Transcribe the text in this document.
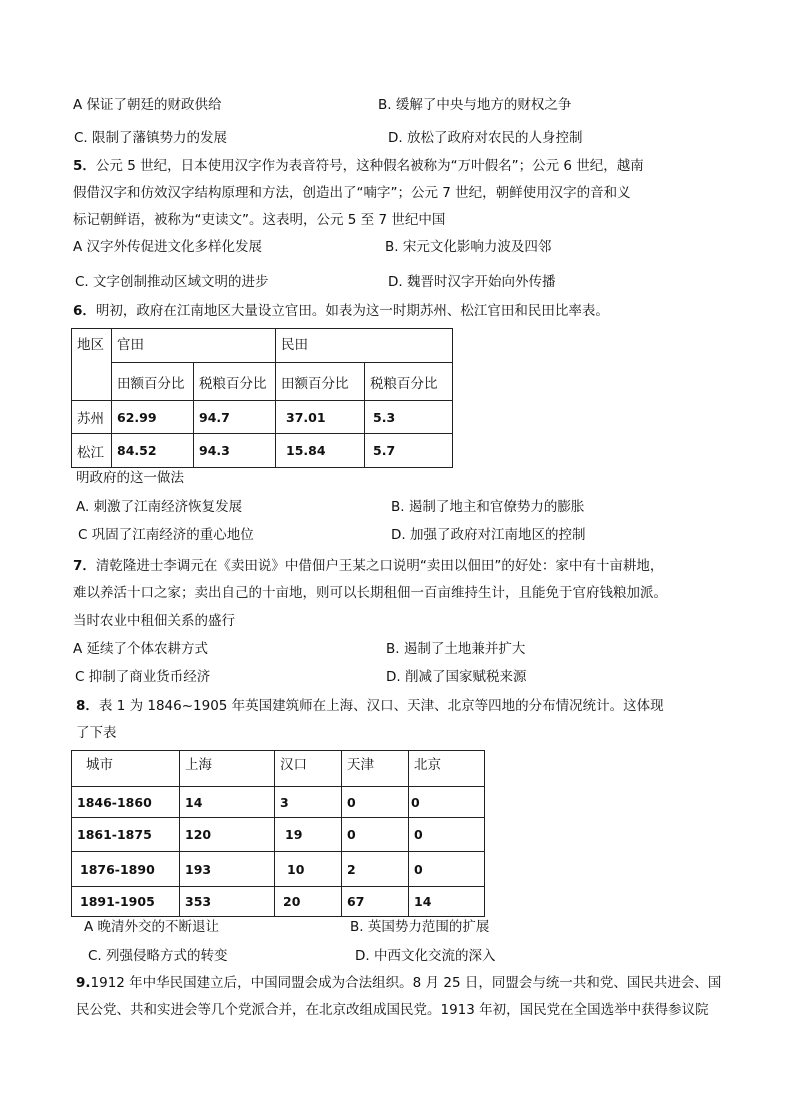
A 保证了朝廷的财政供给	B. 缓解了中央与地方的财权之争
C. 限制了藩镇势力的发展	D. 放松了政府对农民的人身控制
5．公元 5 世纪，日本使用汉字作为表音符号，这种假名被称为“万叶假名”；公元 6 世纪，越南
假借汉字和仿效汉字结构原理和方法，创造出了“喃字”；公元 7 世纪，朝鲜使用汉字的音和义
标记朝鲜语，被称为“吏读文”。这表明，公元 5 至 7 世纪中国
A 汉字外传促进文化多样化发展	B. 宋元文化影响力波及四邻
C. 文字创制推动区域文明的进步	D. 魏晋时汉字开始向外传播
6．明初，政府在江南地区大量设立官田。如表为这一时期苏州、松江官田和民田比率表。
地区	官田		民田	
	田额百分比	税粮百分比	田额百分比	税粮百分比
苏州	62.99	94.7	37.01	5.3
松江	84.52	94.3	15.84	5.7
明政府的这一做法
A. 刺激了江南经济恢复发展	B. 遏制了地主和官僚势力的膨胀
C 巩固了江南经济的重心地位	D. 加强了政府对江南地区的控制
7．清乾隆进士李调元在《卖田说》中借佃户王某之口说明“卖田以佃田”的好处：家中有十亩耕地，
难以养活十口之家；卖出自己的十亩地，则可以长期租佃一百亩维持生计，且能免于官府钱粮加派。
当时农业中租佃关系的盛行
A 延续了个体农耕方式	B. 遏制了土地兼并扩大
C 抑制了商业货币经济	D. 削减了国家赋税来源
8．表 1 为 1846~1905 年英国建筑师在上海、汉口、天津、北京等四地的分布情况统计。这体现
了下表
城市	上海	汉口	天津	北京
1846-1860	14	3	0	0
1861-1875	120	19	0	0
1876-1890	193	10	2	0
1891-1905	353	20	67	14
A 晚清外交的不断退让	B. 英国势力范围的扩展
C. 列强侵略方式的转变	D. 中西文化交流的深入
9.1912 年中华民国建立后，中国同盟会成为合法组织。8 月 25 日，同盟会与统一共和党、国民共进会、国
民公党、共和实进会等几个党派合并，在北京改组成国民党。1913 年初，国民党在全国选举中获得参议院
